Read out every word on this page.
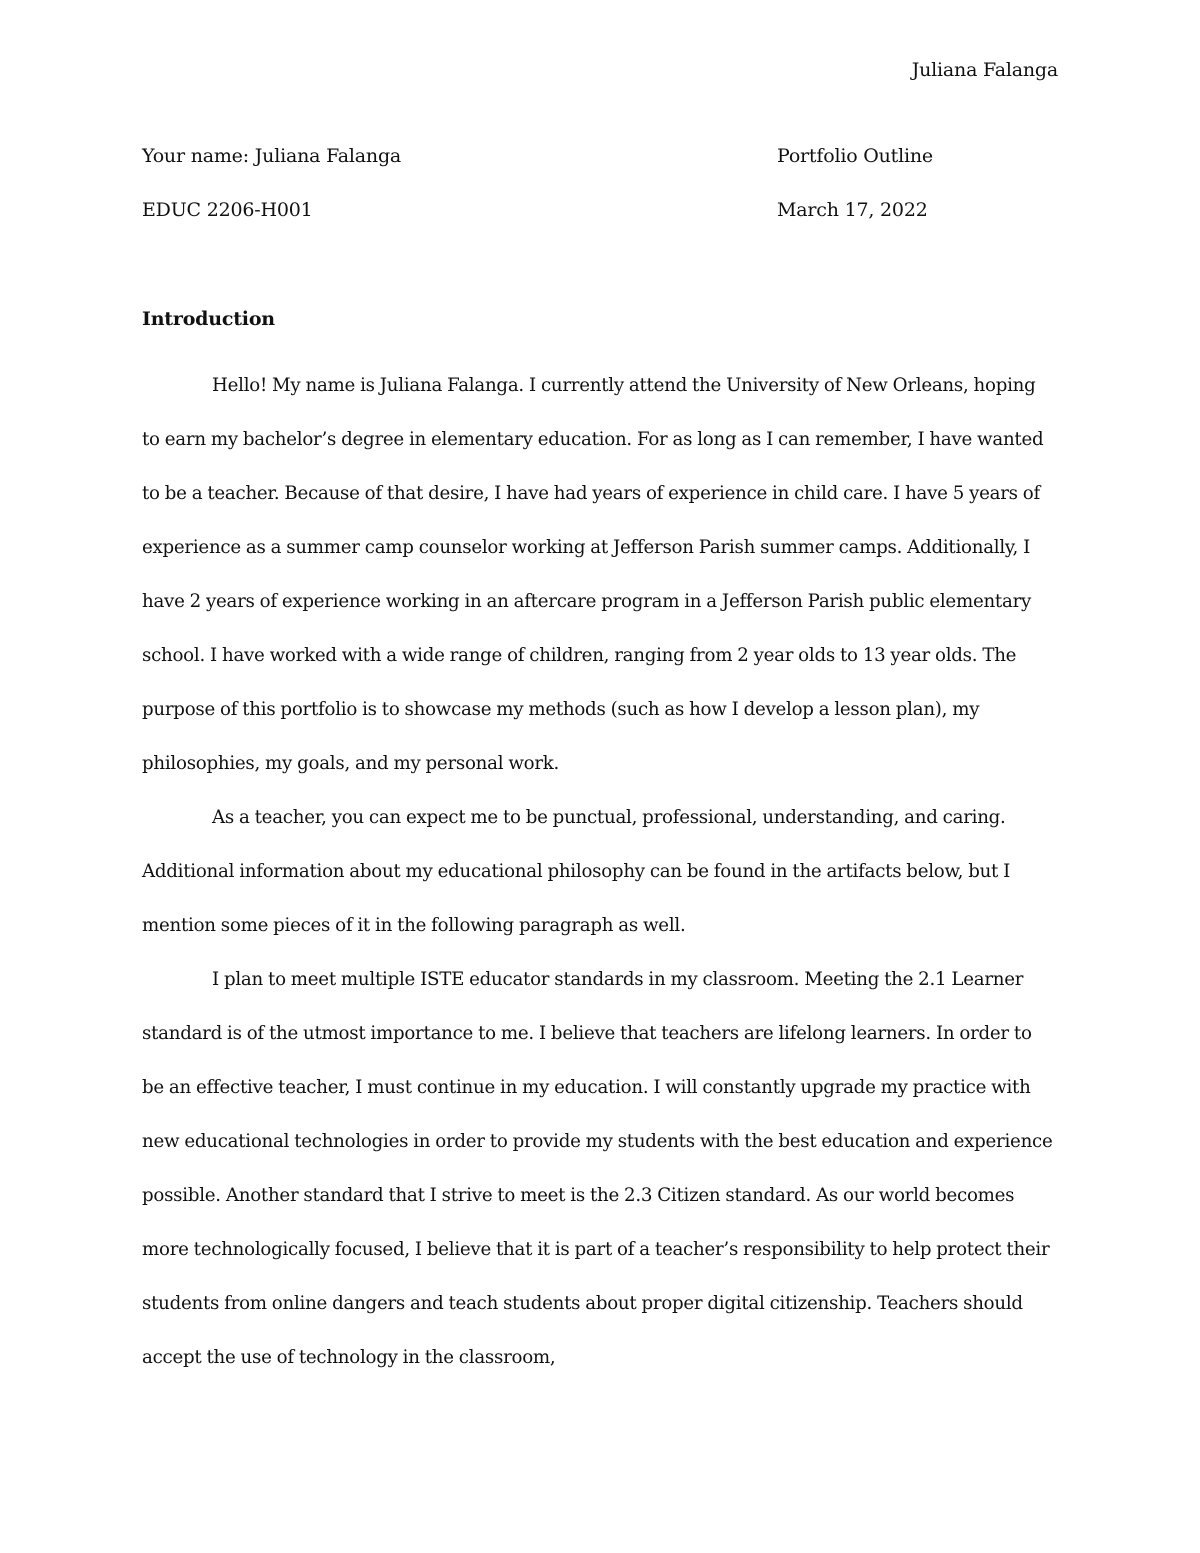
Juliana Falanga
Your name: Juliana Falanga	Portfolio Outline
EDUC 2206-H001	March 17, 2022
Introduction

Hello! My name is Juliana Falanga. I currently attend the University of New Orleans, hoping to earn my bachelor’s degree in elementary education. For as long as I can remember, I have wanted to be a teacher. Because of that desire, I have had years of experience in child care. I have 5 years of experience as a summer camp counselor working at Jefferson Parish summer camps. Additionally, I have 2 years of experience working in an aftercare program in a Jefferson Parish public elementary school. I have worked with a wide range of children, ranging from 2 year olds to 13 year olds. The purpose of this portfolio is to showcase my methods (such as how I develop a lesson plan), my philosophies, my goals, and my personal work.

As a teacher, you can expect me to be punctual, professional, understanding, and caring. Additional information about my educational philosophy can be found in the artifacts below, but I mention some pieces of it in the following paragraph as well.

I plan to meet multiple ISTE educator standards in my classroom. Meeting the 2.1 Learner standard is of the utmost importance to me. I believe that teachers are lifelong learners. In order to be an effective teacher, I must continue in my education. I will constantly upgrade my practice with new educational technologies in order to provide my students with the best education and experience possible. Another standard that I strive to meet is the 2.3 Citizen standard. As our world becomes more technologically focused, I believe that it is part of a teacher’s responsibility to help protect their students from online dangers and teach students about proper digital citizenship. Teachers should accept the use of technology in the classroom,
